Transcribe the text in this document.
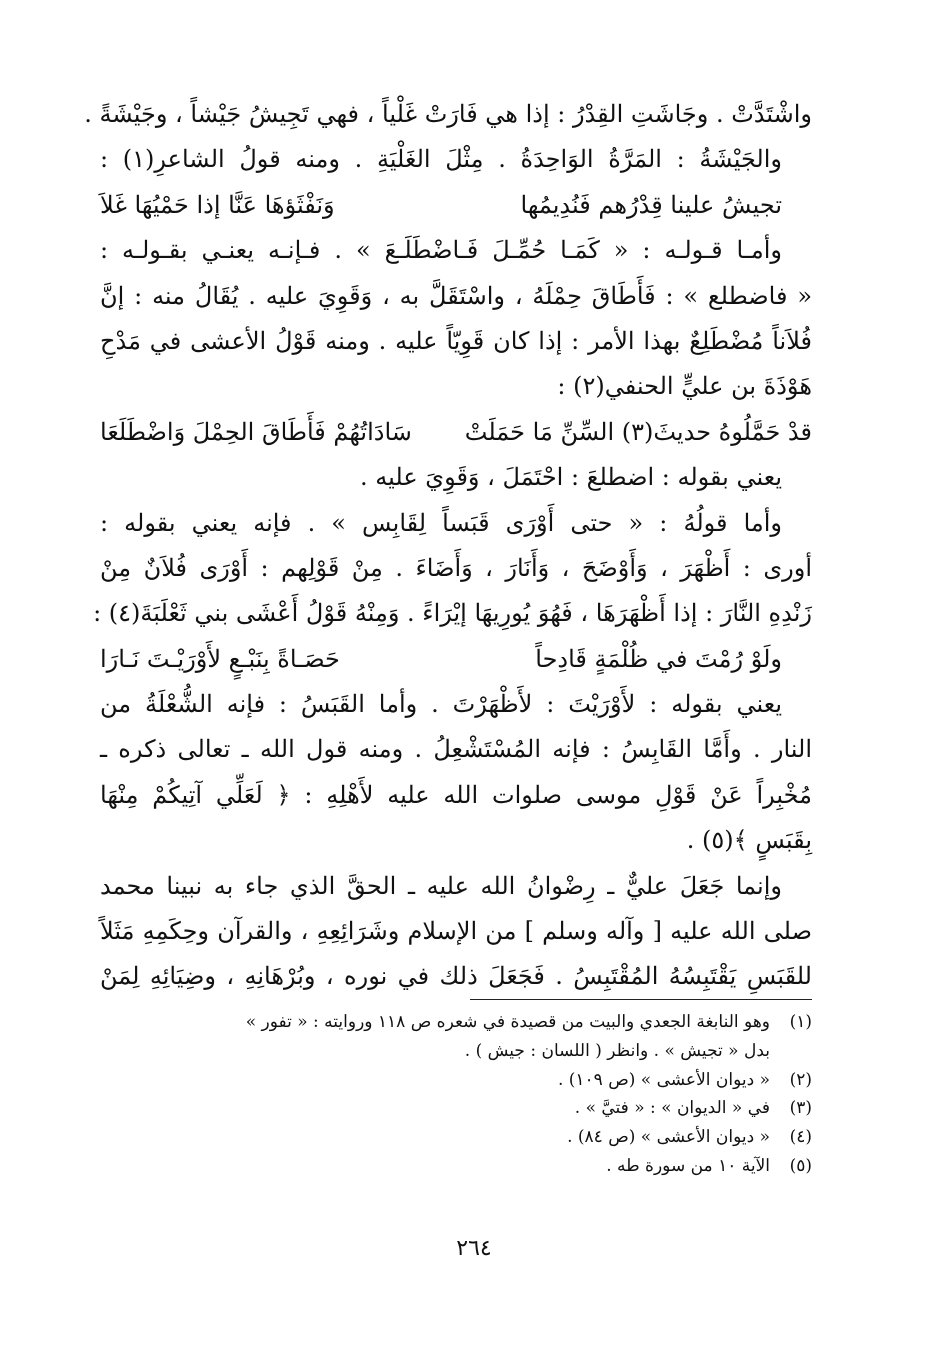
واشْتَدَّتْ . وجَاشَتِ القِدْرُ : إذا هي فَارَتْ غَلْياً ، فهي تَجِيشُ جَيْشاً ، وجَيْشَةً .
والجَيْشَةُ : المَرَّةُ الوَاحِدَةُ . مِثْلَ الغَلْيَةِ . ومنه قولُ الشاعرِ(١) :
تجيشُ علينا قِدْرُهم فَنُدِيمُها
وَنَفْثَؤهَا عَنَّا إذا حَمْيُهَا غَلاَ
وأمـا قـولـه : « كَمَـا حُمِّـلَ فَـاضْطَلَـعَ » . فـإنـه يعنـي بقـولـه :
« فاضطلع » : فَأَطَاقَ حِمْلَهُ ، واسْتَقَلَّ به ، وَقَوِيَ عليه . يُقَالُ منه : إنَّ
فُلاَناً مُضْطَلِعٌ بهذا الأمر : إذا كان قَوِيّاً عليه . ومنه قَوْلُ الأعشى في مَدْحِ
هَوْذَةَ بن عليٍّ الحنفي(٢) :
قدْ حَمَّلُوهُ حديثَ(٣) السِّنِّ مَا حَمَلَتْ
سَادَاتُهُمْ فَأَطَاقَ الحِمْلَ وَاضْطَلَعَا
يعني بقوله : اضطلعَ : احْتَمَلَ ، وَقَوِيَ عليه .
وأما قولُهُ : « حتى أَوْرَى قَبَساً لِقَابِس » . فإنه يعني بقوله :
أورى : أَظْهَرَ ، وَأَوْضَحَ ، وَأَنَارَ ، وَأَضَاءَ . مِنْ قَوْلِهم : أَوْرَى فُلاَنٌ مِنْ
زَنْدِهِ النَّارَ : إذا أَظْهَرَهَا ، فَهُوَ يُورِيهَا إيْرَاءً . وَمِنْهُ قَوْلُ أَعْشَى بني ثَعْلَبَةَ(٤) :
ولَوْ رُمْتَ في ظُلْمَةٍ قَادِحاً
حَصَـاةً بِنَبْـعٍ لأَوْرَيْـتَ نَـارَا
يعني بقوله : لأَوْرَيْتَ : لأَظْهَرْتَ . وأما القَبَسُ : فإنه الشُّعْلَةُ من
النار . وأَمَّا القَابِسُ : فإنه المُسْتَشْعِلُ . ومنه قول الله ـ تعالى ذكره ـ
مُخْبِراً عَنْ قَوْلِ موسى صلوات الله عليه لأَهْلِهِ : ﴿ لَعَلِّي آتِيكُمْ مِنْهَا
بِقَبَسٍ ﴾(٥) .
وإنما جَعَلَ عليٌّ ـ رِضْوانُ الله عليه ـ الحقَّ الذي جاء به نبينا محمد
صلى الله عليه [ وآله وسلم ] من الإسلام وشَرَائِعِهِ ، والقرآن وحِكَمِهِ مَثَلاً
للقَبَسِ يَقْتَبِسُهُ المُقْتَبِسُ . فَجَعَلَ ذلك في نوره ، وبُرْهَانِهِ ، وضِيَائِهِ لِمَنْ
(١)
وهو النابغة الجعدي والبيت من قصيدة في شعره ص ١١٨ وروايته : « تفور »
بدل « تجيش » . وانظر ( اللسان : جيش ) .
(٢)
« ديوان الأعشى » (ص ١٠٩) .
(٣)
في « الديوان » : « فتيَّ » .
(٤)
« ديوان الأعشى » (ص ٨٤) .
(٥)
الآية ١٠ من سورة طه .
٢٦٤
